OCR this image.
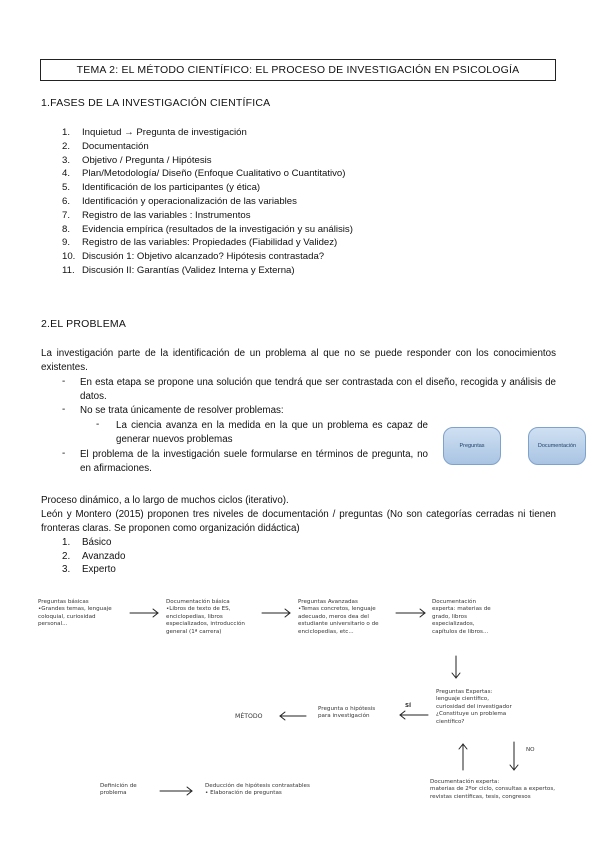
TEMA 2: EL MÉTODO CIENTÍFICO: EL PROCESO DE INVESTIGACIÓN EN PSICOLOGÍA
1.FASES DE LA INVESTIGACIÓN CIENTÍFICA
1. Inquietud → Pregunta de investigación
2. Documentación
3. Objetivo / Pregunta / Hipótesis
4. Plan/Metodología/ Diseño (Enfoque Cualitativo o Cuantitativo)
5. Identificación de los participantes (y ética)
6. Identificación y operacionalización de las variables
7. Registro de las variables : Instrumentos
8. Evidencia empírica (resultados de la investigación y su análisis)
9. Registro de las variables: Propiedades (Fiabilidad y Validez)
10. Discusión 1: Objetivo alcanzado? Hipótesis contrastada?
11. Discusión II: Garantías (Validez Interna y Externa)
2.EL PROBLEMA
La investigación parte de la identificación de un problema al que no se puede responder con los conocimientos existentes.
- En esta etapa se propone una solución que tendrá que ser contrastada con el diseño, recogida y análisis de datos.
- No se trata únicamente de resolver problemas:
- La ciencia avanza en la medida en la que un problema es capaz de generar nuevos problemas
- El problema de la investigación suele formularse en términos de pregunta, no en afirmaciones.
Preguntas	Documentación
Proceso dinámico, a lo largo de muchos ciclos (iterativo).
León y Montero (2015) proponen tres niveles de documentación / preguntas (No son categorías cerradas ni tienen fronteras claras. Se proponen como organización didáctica)
1. Básico
2. Avanzado
3. Experto
Preguntas básicas
•Grandes temas, lenguaje
coloquial, curiosidad
personal...
Documentación básica
•Libros de texto de ES,
enciclopedias, libros
especializados, introducción
general (1ª carrera)
Preguntas Avanzadas
•Temas concretos, lenguaje
adecuado, meros dea del
estudiante universitario o de
enciclopedias, etc...
Documentación
experta: materias de
grado, libros
especializados,
capítulos de libros...
Preguntas Expertas:
lenguaje científico,
curiosidad del investigador
¿Constituye un problema
científico?
Pregunta o hipótesis
para investigación
SÍ
MÉTODO
NO
Documentación experta:
materias de 2ºor ciclo, consultas a expertos,
revistas científicas, tesis, congresos
Definición de
problema
Deducción de hipótesis contrastables
• Elaboración de preguntas
